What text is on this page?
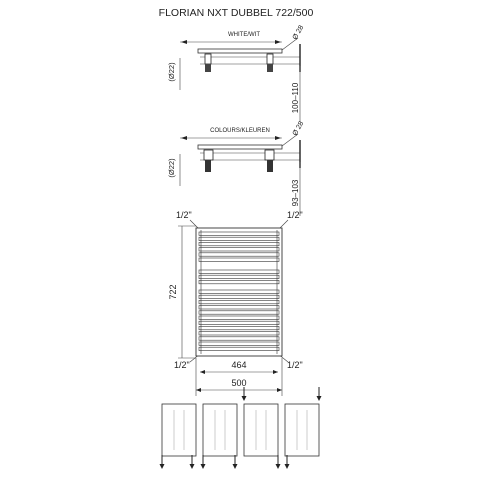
FLORIAN NXT DUBBEL 722/500
WHITE/WIT	Ø 28
(Ø22)
100–110
COLOURS/KLEUREN	Ø 28
(Ø22)
93–103
722
1/2"	1/2"
1/2"	1/2"
464
500
